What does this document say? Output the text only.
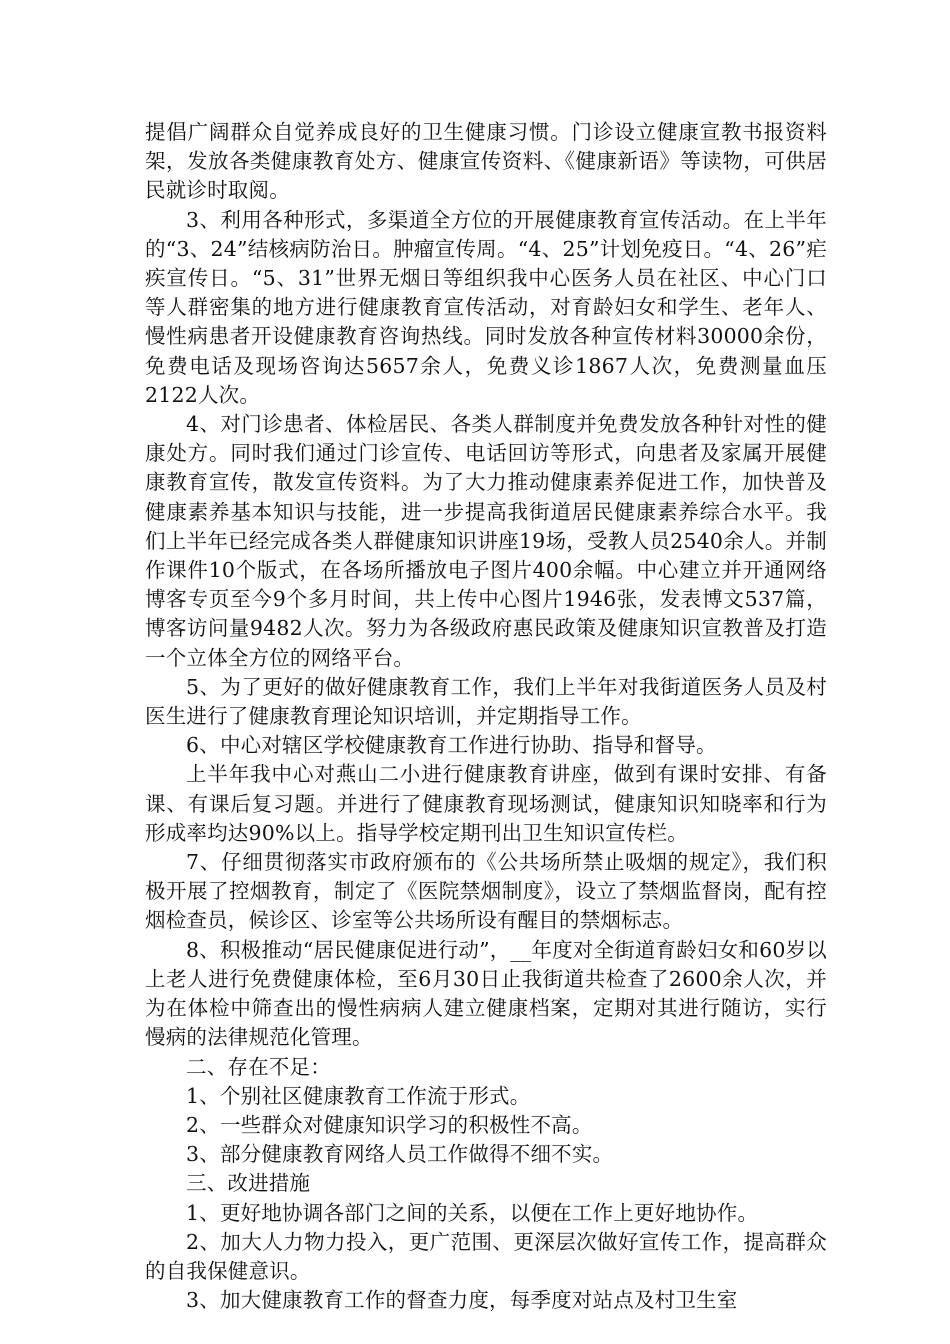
提倡广阔群众自觉养成良好的卫生健康习惯。门诊设立健康宣教书报资料架，发放各类健康教育处方、健康宣传资料、《健康新语》等读物，可供居民就诊时取阅。

3、利用各种形式，多渠道全方位的开展健康教育宣传活动。在上半年的“3、24”结核病防治日。肿瘤宣传周。“4、25”计划免疫日。“4、26”疟疾宣传日。“5、31”世界无烟日等组织我中心医务人员在社区、中心门口等人群密集的地方进行健康教育宣传活动，对育龄妇女和学生、老年人、慢性病患者开设健康教育咨询热线。同时发放各种宣传材料30000余份，免费电话及现场咨询达5657余人，免费义诊1867人次，免费测量血压2122人次。

4、对门诊患者、体检居民、各类人群制度并免费发放各种针对性的健康处方。同时我们通过门诊宣传、电话回访等形式，向患者及家属开展健康教育宣传，散发宣传资料。为了大力推动健康素养促进工作，加快普及健康素养基本知识与技能，进一步提高我街道居民健康素养综合水平。我们上半年已经完成各类人群健康知识讲座19场，受教人员2540余人。并制作课件10个版式，在各场所播放电子图片400余幅。中心建立并开通网络博客专页至今9个多月时间，共上传中心图片1946张，发表博文537篇，博客访问量9482人次。努力为各级政府惠民政策及健康知识宣教普及打造一个立体全方位的网络平台。

5、为了更好的做好健康教育工作，我们上半年对我街道医务人员及村医生进行了健康教育理论知识培训，并定期指导工作。

6、中心对辖区学校健康教育工作进行协助、指导和督导。

上半年我中心对燕山二小进行健康教育讲座，做到有课时安排、有备课、有课后复习题。并进行了健康教育现场测试，健康知识知晓率和行为形成率均达90%以上。指导学校定期刊出卫生知识宣传栏。

7、仔细贯彻落实市政府颁布的《公共场所禁止吸烟的规定》，我们积极开展了控烟教育，制定了《医院禁烟制度》，设立了禁烟监督岗，配有控烟检查员，候诊区、诊室等公共场所设有醒目的禁烟标志。

8、积极推动“居民健康促进行动”，__年度对全街道育龄妇女和60岁以上老人进行免费健康体检，至6月30日止我街道共检查了2600余人次，并为在体检中筛查出的慢性病病人建立健康档案，定期对其进行随访，实行慢病的法律规范化管理。

二、存在不足：

1、个别社区健康教育工作流于形式。

2、一些群众对健康知识学习的积极性不高。

3、部分健康教育网络人员工作做得不细不实。

三、改进措施

1、更好地协调各部门之间的关系，以便在工作上更好地协作。

2、加大人力物力投入，更广范围、更深层次做好宣传工作，提高群众的自我保健意识。

3、加大健康教育工作的督查力度，每季度对站点及村卫生室
